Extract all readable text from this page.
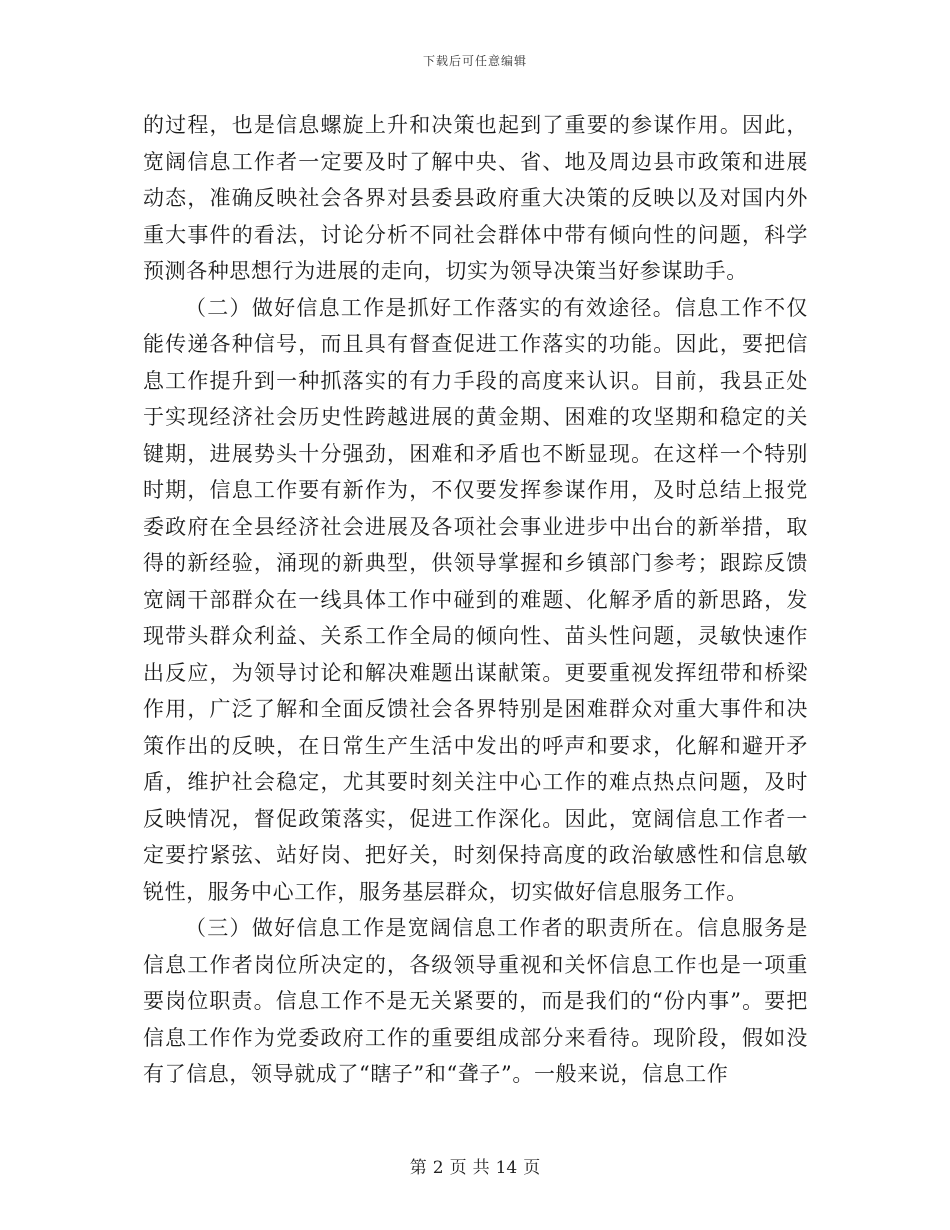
下载后可任意编辑

的过程，也是信息螺旋上升和决策也起到了重要的参谋作用。因此，宽阔信息工作者一定要及时了解中央、省、地及周边县市政策和进展动态，准确反映社会各界对县委县政府重大决策的反映以及对国内外重大事件的看法，讨论分析不同社会群体中带有倾向性的问题，科学预测各种思想行为进展的走向，切实为领导决策当好参谋助手。

（二）做好信息工作是抓好工作落实的有效途径。信息工作不仅能传递各种信号，而且具有督查促进工作落实的功能。因此，要把信息工作提升到一种抓落实的有力手段的高度来认识。目前，我县正处于实现经济社会历史性跨越进展的黄金期、困难的攻坚期和稳定的关键期，进展势头十分强劲，困难和矛盾也不断显现。在这样一个特别时期，信息工作要有新作为，不仅要发挥参谋作用，及时总结上报党委政府在全县经济社会进展及各项社会事业进步中出台的新举措，取得的新经验，涌现的新典型，供领导掌握和乡镇部门参考；跟踪反馈宽阔干部群众在一线具体工作中碰到的难题、化解矛盾的新思路，发现带头群众利益、关系工作全局的倾向性、苗头性问题，灵敏快速作出反应，为领导讨论和解决难题出谋献策。更要重视发挥纽带和桥梁作用，广泛了解和全面反馈社会各界特别是困难群众对重大事件和决策作出的反映，在日常生产生活中发出的呼声和要求，化解和避开矛盾，维护社会稳定，尤其要时刻关注中心工作的难点热点问题，及时反映情况，督促政策落实，促进工作深化。因此，宽阔信息工作者一定要拧紧弦、站好岗、把好关，时刻保持高度的政治敏感性和信息敏锐性，服务中心工作，服务基层群众，切实做好信息服务工作。

（三）做好信息工作是宽阔信息工作者的职责所在。信息服务是信息工作者岗位所决定的，各级领导重视和关怀信息工作也是一项重要岗位职责。信息工作不是无关紧要的，而是我们的“份内事”。要把信息工作作为党委政府工作的重要组成部分来看待。现阶段，假如没有了信息，领导就成了“瞎子”和“聋子”。一般来说，信息工作

第 2 页 共 14 页
